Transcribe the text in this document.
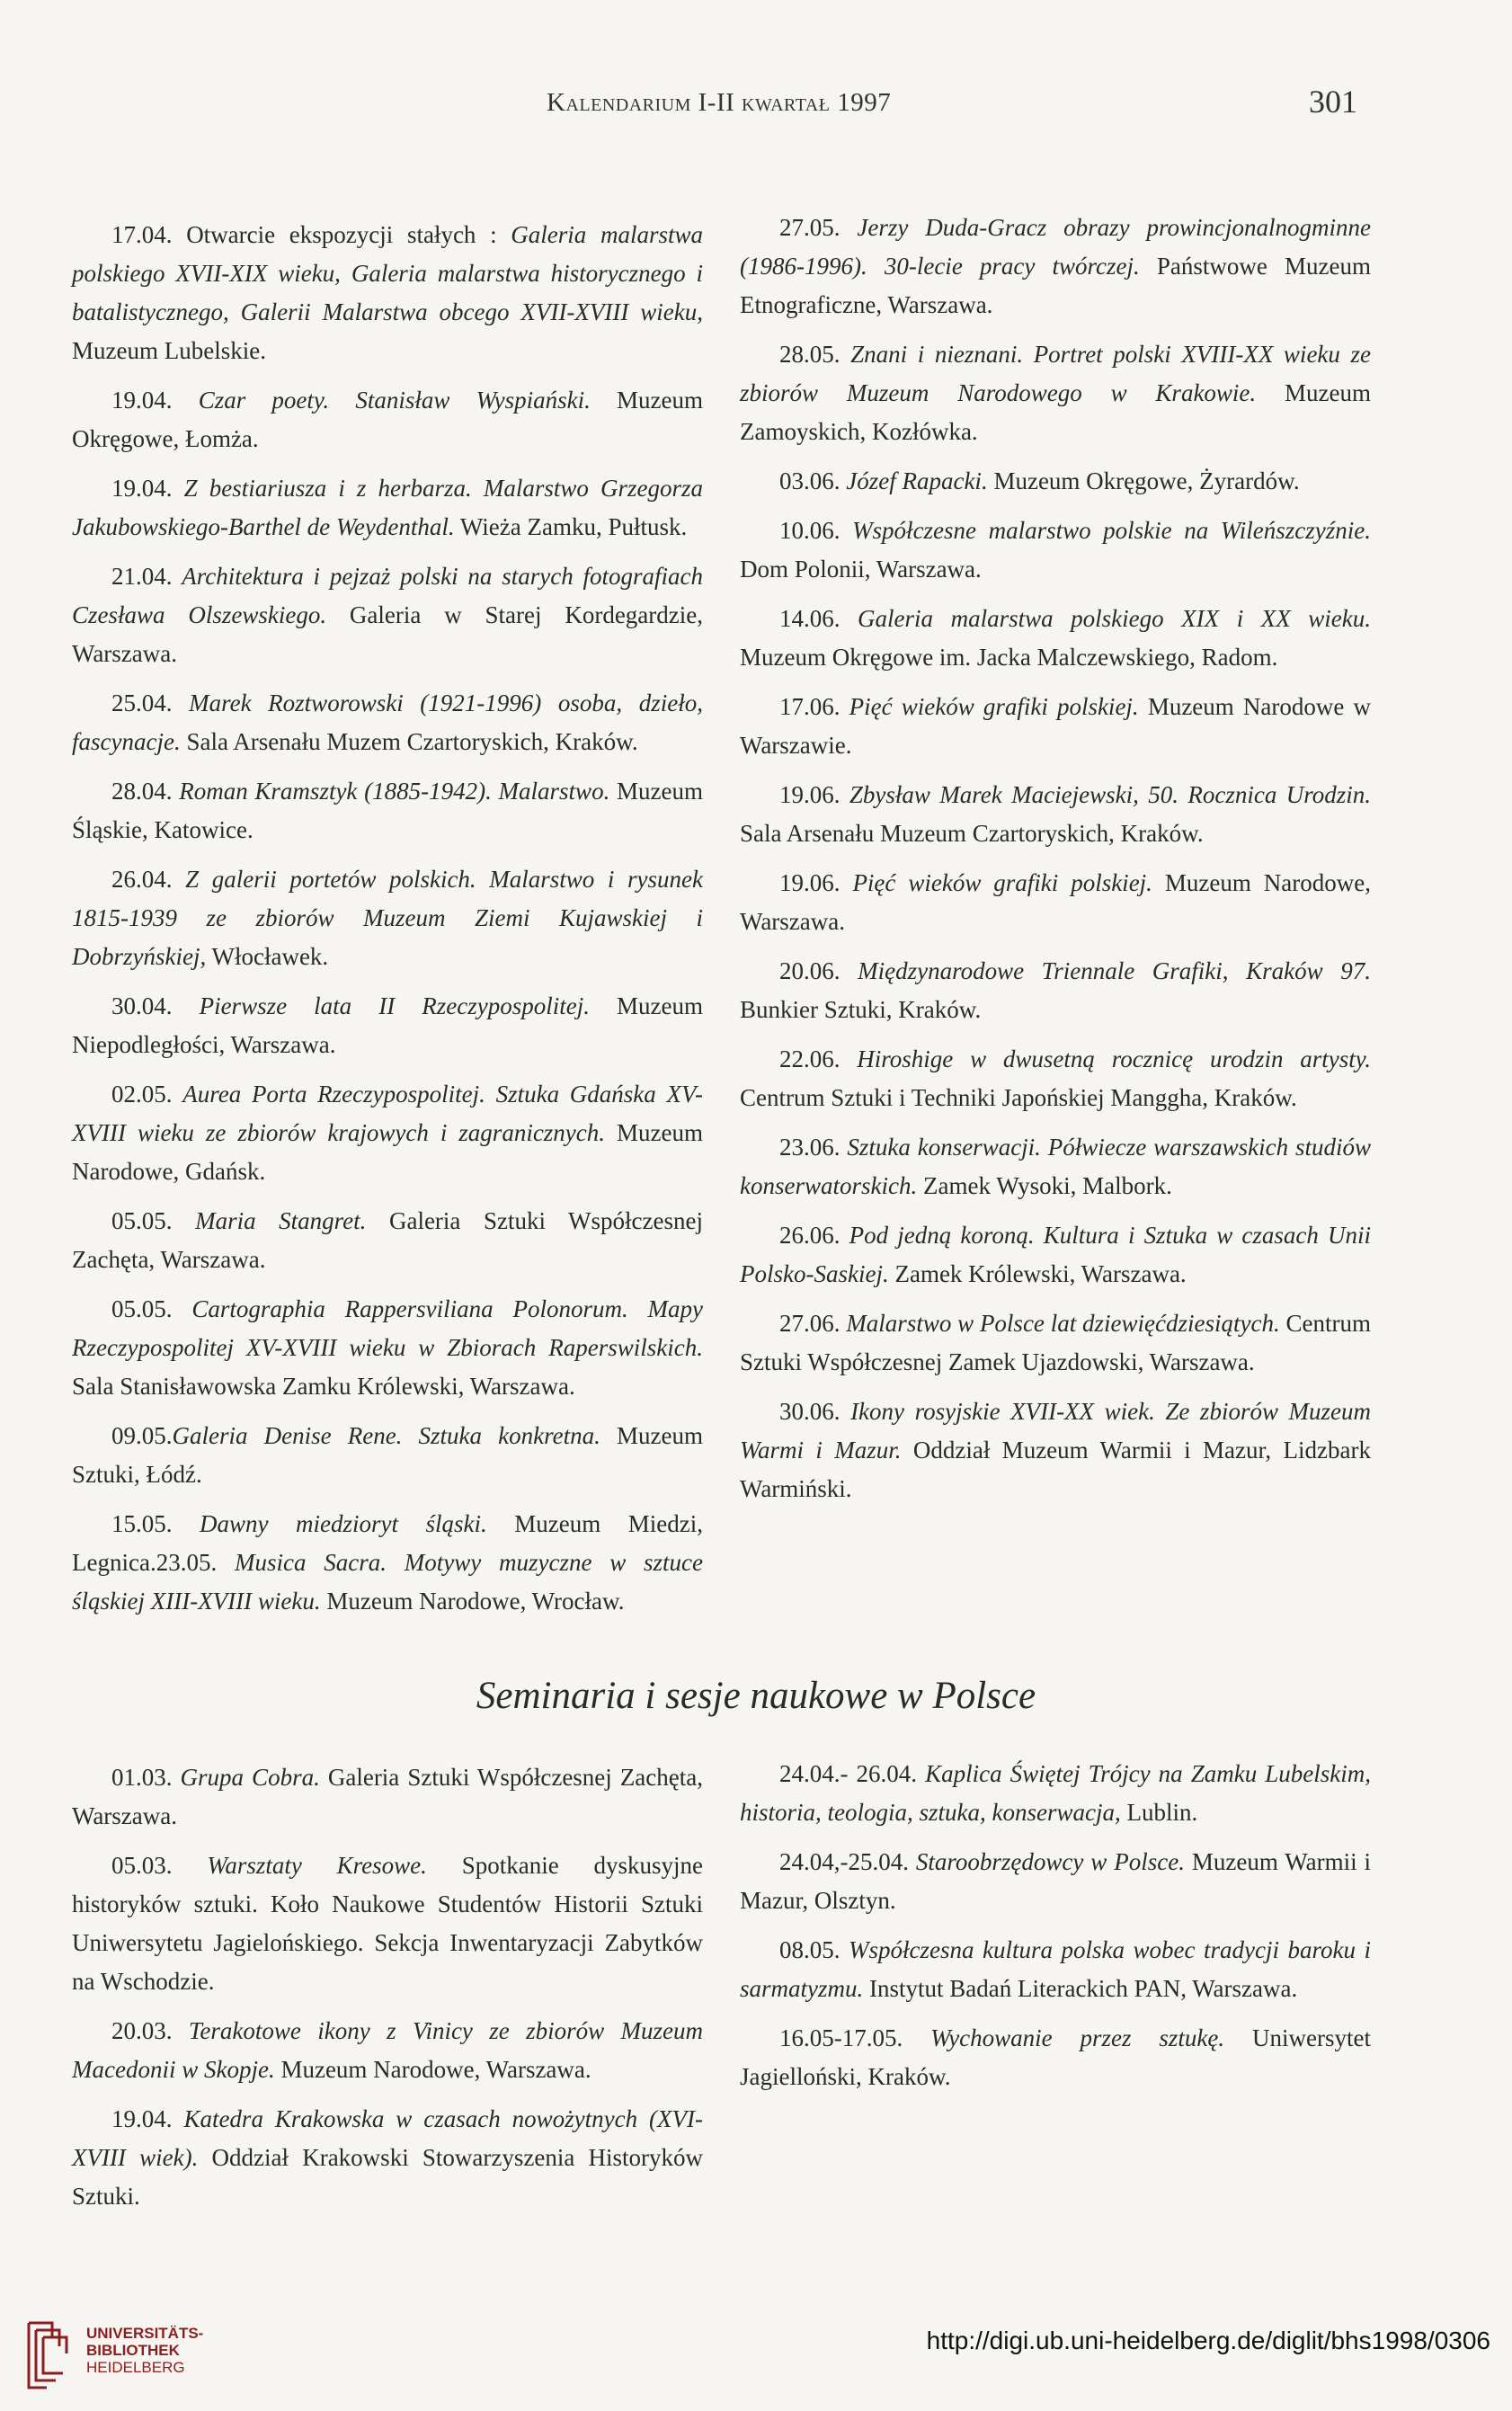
Kalendarium I-II kwartał 1997	301

17.04. Otwarcie ekspozycji stałych : Galeria malarstwa polskiego XVII-XIX wieku, Galeria malarstwa historycznego i batalistycznego, Galerii Malarstwa obcego XVII-XVIII wieku, Muzeum Lubelskie.

19.04. Czar poety. Stanisław Wyspiański. Muzeum Okręgowe, Łomża.

19.04. Z bestiariusza i z herbarza. Malarstwo Grzegorza Jakubowskiego-Barthel de Weydenthal. Wieża Zamku, Pułtusk.

21.04. Architektura i pejzaż polski na starych fotografiach Czesława Olszewskiego. Galeria w Starej Kordegardzie, Warszawa.

25.04. Marek Roztworowski (1921-1996) osoba, dzieło, fascynacje. Sala Arsenału Muzem Czartoryskich, Kraków.

28.04. Roman Kramsztyk (1885-1942). Malarstwo. Muzeum Śląskie, Katowice.

26.04. Z galerii portetów polskich. Malarstwo i rysunek 1815-1939 ze zbiorów Muzeum Ziemi Kujawskiej i Dobrzyńskiej, Włocławek.

30.04. Pierwsze lata II Rzeczypospolitej. Muzeum Niepodległości, Warszawa.

02.05. Aurea Porta Rzeczypospolitej. Sztuka Gdańska XV-XVIII wieku ze zbiorów krajowych i zagranicznych. Muzeum Narodowe, Gdańsk.

05.05. Maria Stangret. Galeria Sztuki Współczesnej Zachęta, Warszawa.

05.05. Cartographia Rappersviliana Polonorum. Mapy Rzeczypospolitej XV-XVIII wieku w Zbiorach Raperswilskich. Sala Stanisławowska Zamku Królewski, Warszawa.

09.05.Galeria Denise Rene. Sztuka konkretna. Muzeum Sztuki, Łódź.

15.05. Dawny miedzioryt śląski. Muzeum Miedzi, Legnica.23.05. Musica Sacra. Motywy muzyczne w sztuce śląskiej XIII-XVIII wieku. Muzeum Narodowe, Wrocław.

27.05. Jerzy Duda-Gracz obrazy prowincjonalnogminne (1986-1996). 30-lecie pracy twórczej. Państwowe Muzeum Etnograficzne, Warszawa.

28.05. Znani i nieznani. Portret polski XVIII-XX wieku ze zbiorów Muzeum Narodowego w Krakowie. Muzeum Zamoyskich, Kozłówka.

03.06. Józef Rapacki. Muzeum Okręgowe, Żyrardów.

10.06. Współczesne malarstwo polskie na Wileńszczyźnie. Dom Polonii, Warszawa.

14.06. Galeria malarstwa polskiego XIX i XX wieku. Muzeum Okręgowe im. Jacka Malczewskiego, Radom.

17.06. Pięć wieków grafiki polskiej. Muzeum Narodowe w Warszawie.

19.06. Zbysław Marek Maciejewski, 50. Rocznica Urodzin. Sala Arsenału Muzeum Czartoryskich, Kraków.

19.06. Pięć wieków grafiki polskiej. Muzeum Narodowe, Warszawa.

20.06. Międzynarodowe Triennale Grafiki, Kraków 97. Bunkier Sztuki, Kraków.

22.06. Hiroshige w dwusetną rocznicę urodzin artysty. Centrum Sztuki i Techniki Japońskiej Manggha, Kraków.

23.06. Sztuka konserwacji. Półwiecze warszawskich studiów konserwatorskich. Zamek Wysoki, Malbork.

26.06. Pod jedną koroną. Kultura i Sztuka w czasach Unii Polsko-Saskiej. Zamek Królewski, Warszawa.

27.06. Malarstwo w Polsce lat dziewięćdziesiątych. Centrum Sztuki Współczesnej Zamek Ujazdowski, Warszawa.

30.06. Ikony rosyjskie XVII-XX wiek. Ze zbiorów Muzeum Warmi i Mazur. Oddział Muzeum Warmii i Mazur, Lidzbark Warmiński.

Seminaria i sesje naukowe w Polsce

01.03. Grupa Cobra. Galeria Sztuki Współczesnej Zachęta, Warszawa.

05.03. Warsztaty Kresowe. Spotkanie dyskusyjne historyków sztuki. Koło Naukowe Studentów Historii Sztuki Uniwersytetu Jagielońskiego. Sekcja Inwentaryzacji Zabytków na Wschodzie.

20.03. Terakotowe ikony z Vinicy ze zbiorów Muzeum Macedonii w Skopje. Muzeum Narodowe, Warszawa.

19.04. Katedra Krakowska w czasach nowożytnych (XVI-XVIII wiek). Oddział Krakowski Stowarzyszenia Historyków Sztuki.

24.04.- 26.04. Kaplica Świętej Trójcy na Zamku Lubelskim, historia, teologia, sztuka, konserwacja, Lublin.

24.04,-25.04. Staroobrzędowcy w Polsce. Muzeum Warmii i Mazur, Olsztyn.

08.05. Współczesna kultura polska wobec tradycji baroku i sarmatyzmu. Instytut Badań Literackich PAN, Warszawa.

16.05-17.05. Wychowanie przez sztukę. Uniwersytet Jagielloński, Kraków.

UNIVERSITÄTS-
BIBLIOTHEK
HEIDELBERG
http://digi.ub.uni-heidelberg.de/diglit/bhs1998/0306
